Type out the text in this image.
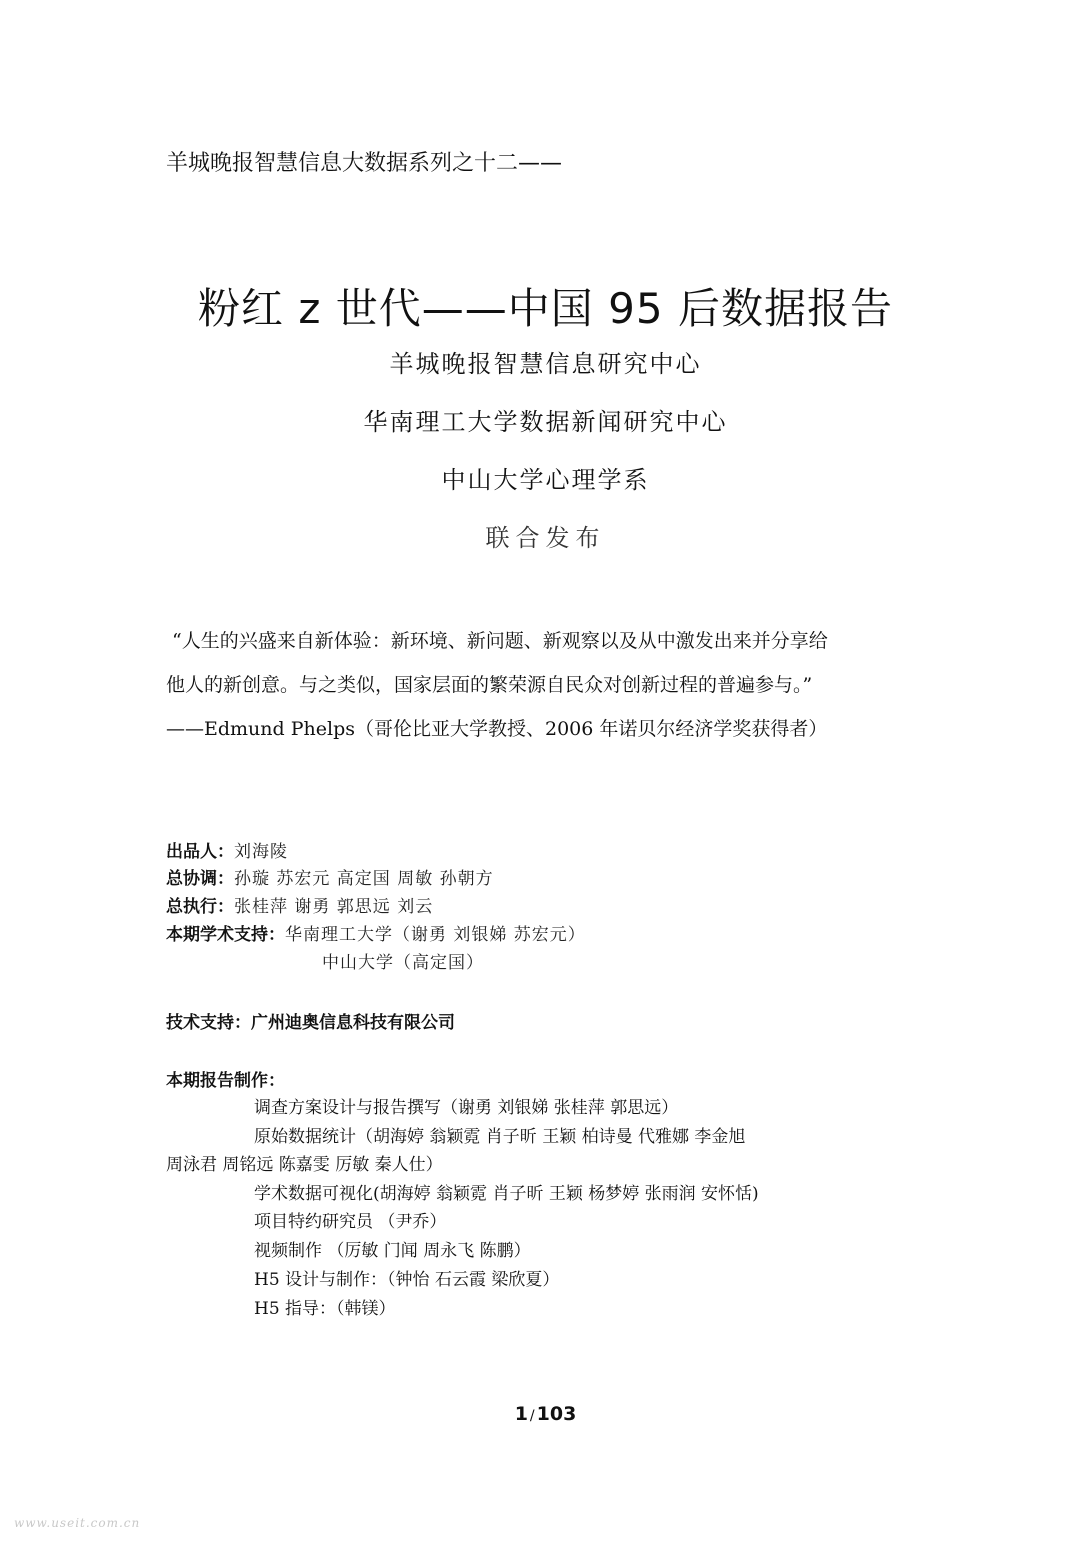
羊城晚报智慧信息大数据系列之十二——
粉红 z 世代——中国 95 后数据报告
羊城晚报智慧信息研究中心
华南理工大学数据新闻研究中心
中山大学心理学系
联合发布
“人生的兴盛来自新体验：新环境、新问题、新观察以及从中激发出来并分享给
他人的新创意。与之类似，国家层面的繁荣源自民众对创新过程的普遍参与。”
——Edmund Phelps（哥伦比亚大学教授、2006 年诺贝尔经济学奖获得者）
出品人：刘海陵
总协调：孙璇 苏宏元 高定国 周敏 孙朝方
总执行：张桂萍 谢勇 郭思远 刘云
本期学术支持：华南理工大学（谢勇 刘银娣 苏宏元）
中山大学（高定国）
技术支持：广州迪奥信息科技有限公司
本期报告制作：
调查方案设计与报告撰写（谢勇 刘银娣 张桂萍 郭思远）
原始数据统计（胡海婷 翁颖霓 肖子昕 王颖 柏诗曼 代雅娜 李金旭
周泳君 周铭远 陈嘉雯 厉敏 秦人仕）
学术数据可视化(胡海婷 翁颖霓 肖子昕 王颖 杨梦婷 张雨润 安怀恬)
项目特约研究员 （尹乔）
视频制作 （厉敏 门闻 周永飞 陈鹏）
H5 设计与制作：（钟怡 石云霞 梁欣夏）
H5 指导：（韩镁）
1 / 103
www.useit.com.cn
